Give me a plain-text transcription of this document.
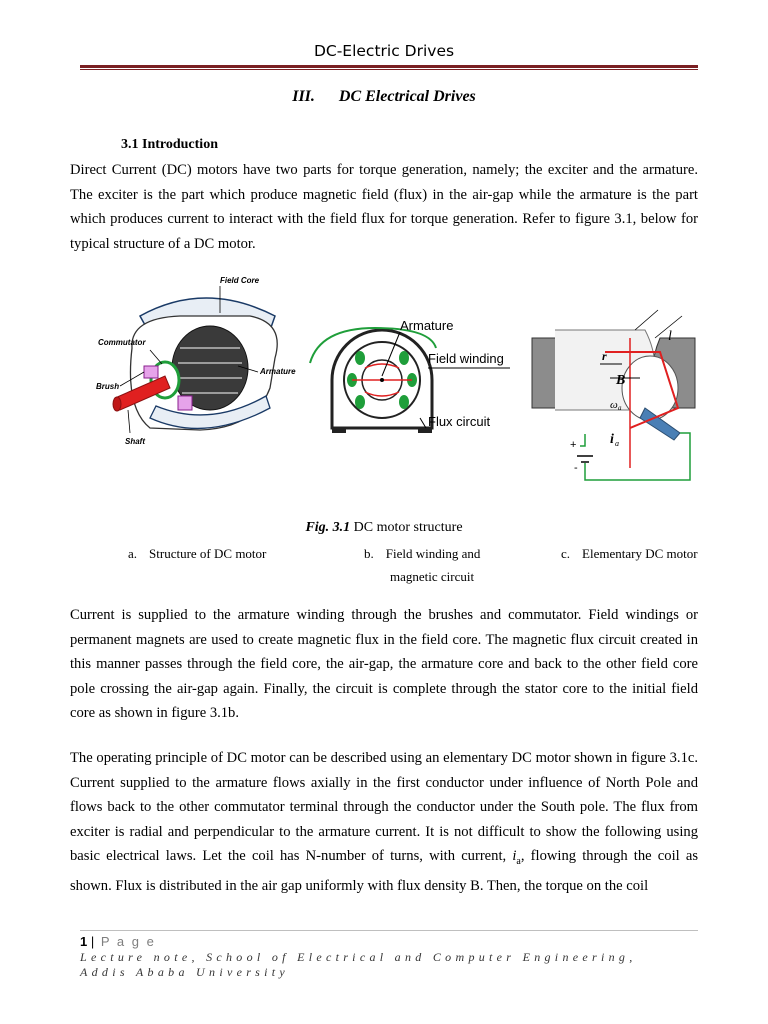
DC-Electric Drives
III. DC Electrical Drives
3.1 Introduction
Direct Current (DC) motors have two parts for torque generation, namely; the exciter and the armature. The exciter is the part which produce magnetic field (flux) in the air-gap while the armature is the part which produces current to interact with the field flux for torque generation. Refer to figure 3.1, below for typical structure of a DC motor.
Field Core
Commutator
Armature
Brush
Shaft
Armature
Field winding
Flux circuit
l
r
B
ω a
i a
+
-
Fig. 3.1 DC motor structure
a. Structure of DC motor	b. Field winding and
magnetic circuit
c. Elementary DC motor
Current is supplied to the armature winding through the brushes and commutator. Field windings or permanent magnets are used to create magnetic flux in the field core. The magnetic flux circuit created in this manner passes through the field core, the air-gap, the armature core and back to the other field core pole crossing the air-gap again. Finally, the circuit is complete through the stator core to the initial field core as shown in figure 3.1b.
The operating principle of DC motor can be described using an elementary DC motor shown in figure 3.1c. Current supplied to the armature flows axially in the first conductor under influence of North Pole and flows back to the other commutator terminal through the conductor under the South pole. The flux from exciter is radial and perpendicular to the armature current. It is not difficult to show the following using basic electrical laws. Let the coil has N-number of turns, with current, $i_a$, flowing through the coil as shown. Flux is distributed in the air gap uniformly with flux density B. Then, the torque on the coil
1 | P a g e
Lecture note, School of Electrical and Computer Engineering,
Addis Ababa University
